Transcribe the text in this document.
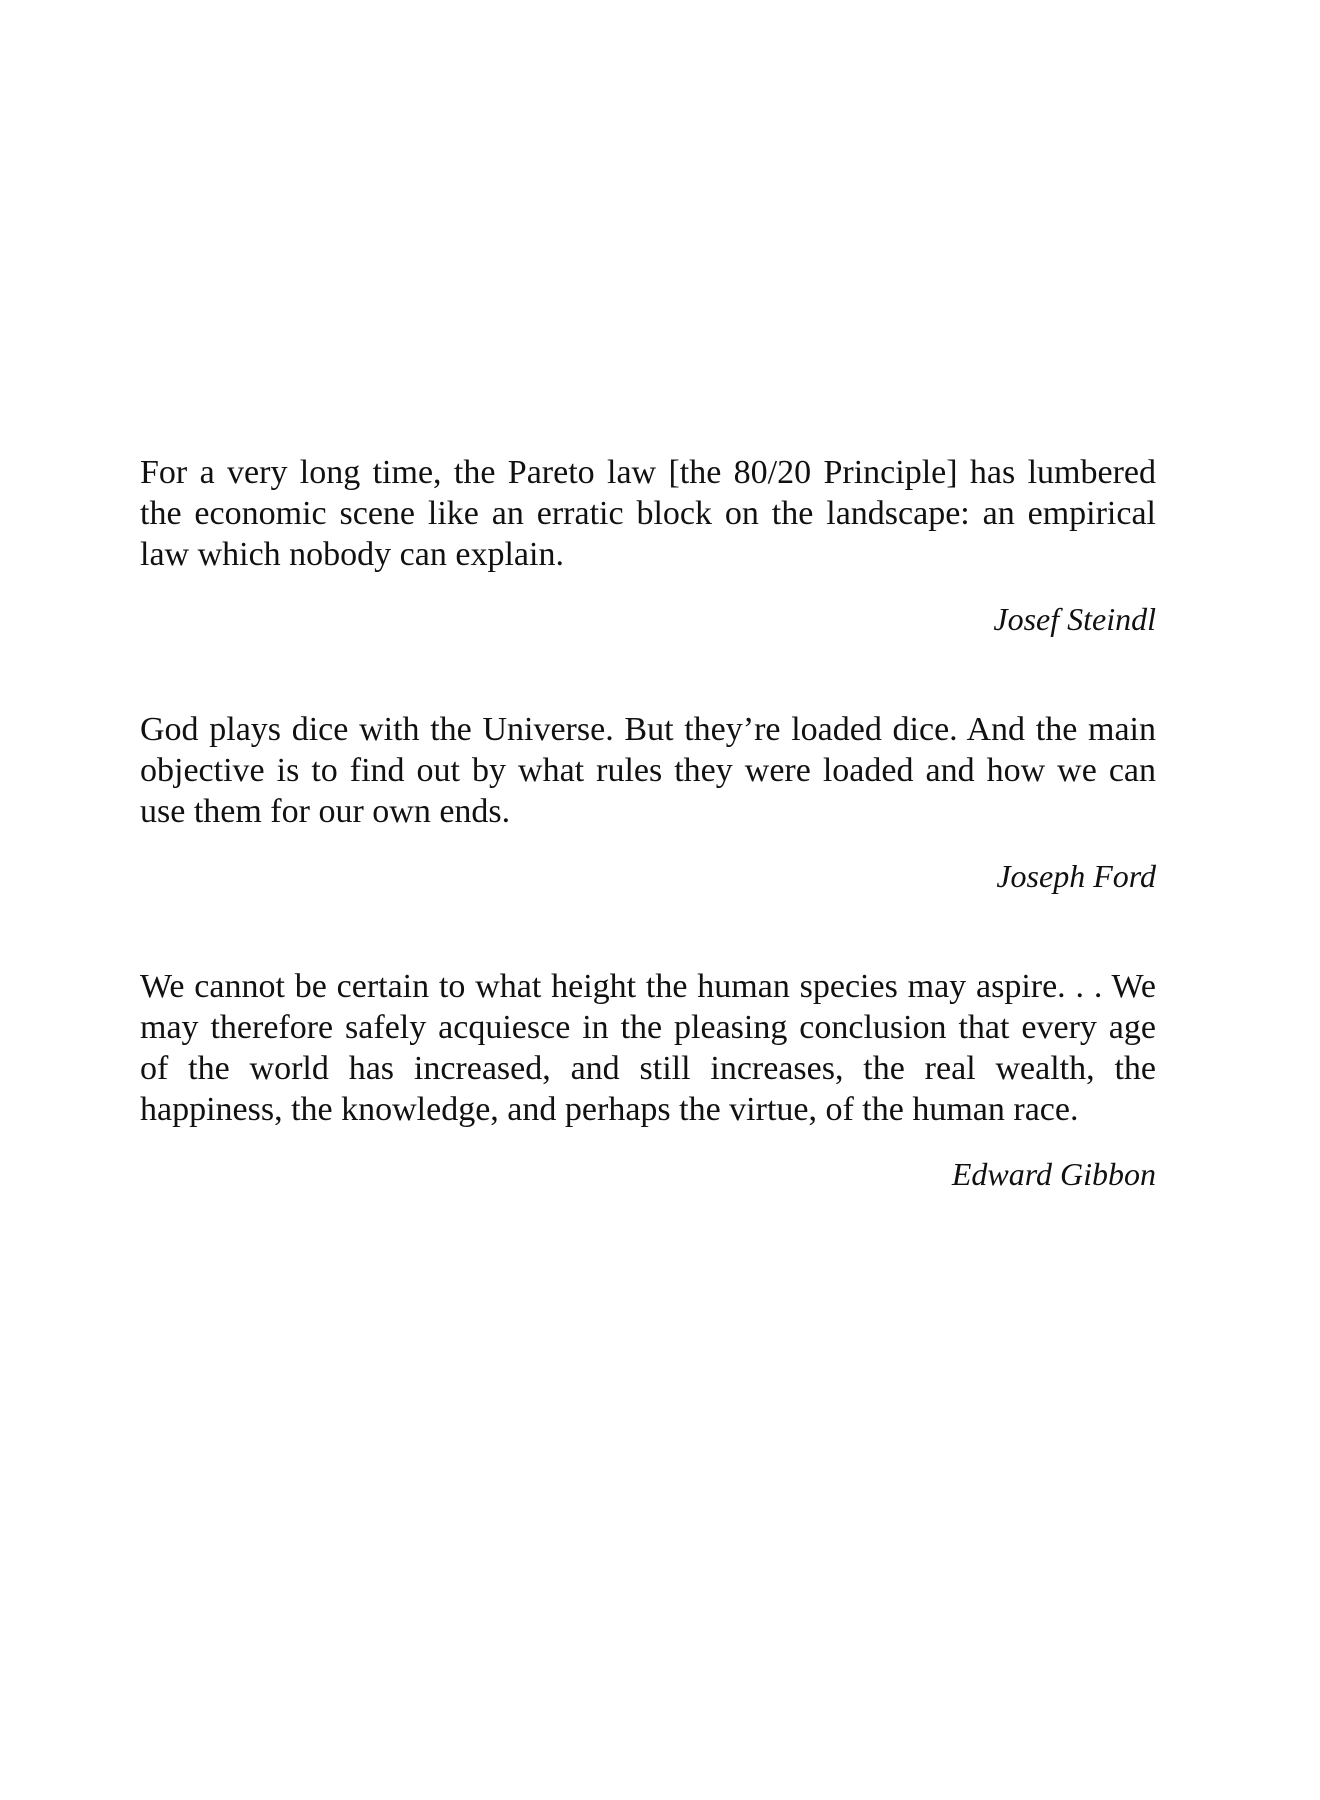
For a very long time, the Pareto law [the 80/20 Principle] has lumbered the economic scene like an erratic block on the landscape: an empirical law which nobody can explain.

Josef Steindl

God plays dice with the Universe. But they’re loaded dice. And the main objective is to find out by what rules they were loaded and how we can use them for our own ends.

Joseph Ford

We cannot be certain to what height the human species may aspire. . . We may therefore safely acquiesce in the pleasing conclusion that every age of the world has increased, and still increases, the real wealth, the happiness, the knowledge, and perhaps the virtue, of the human race.

Edward Gibbon
